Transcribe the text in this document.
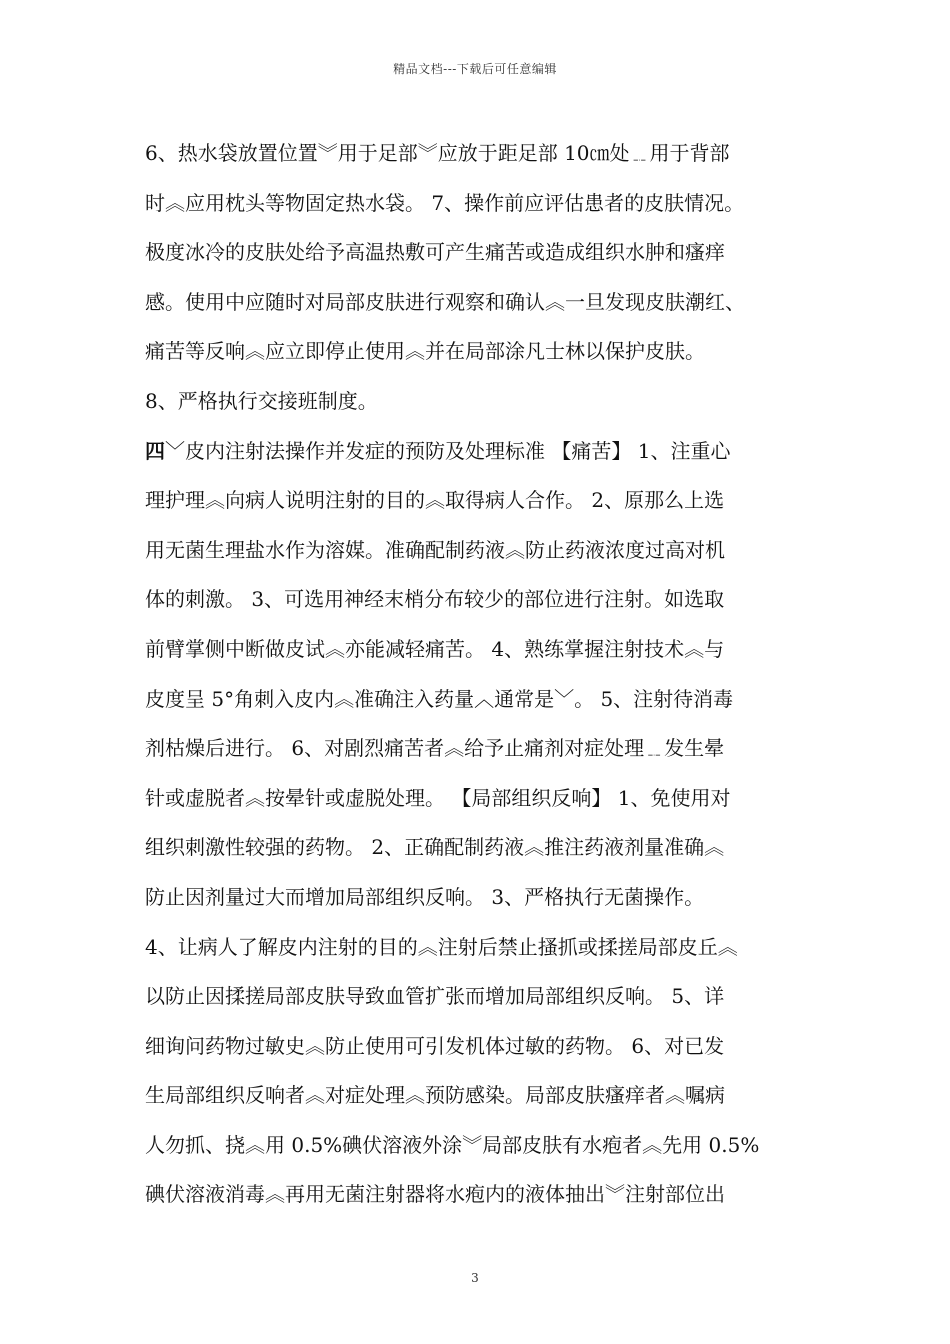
精品文档---下载后可任意编辑
6、热水袋放置位置︾用于足部︾应放于距足部 10㎝处﹎用于背部
时︽应用枕头等物固定热水袋。 7、操作前应评估患者的皮肤情况。
极度冰冷的皮肤处给予高温热敷可产生痛苦或造成组织水肿和瘙痒
感。使用中应随时对局部皮肤进行观察和确认︽一旦发现皮肤潮红、
痛苦等反响︽应立即停止使用︽并在局部涂凡士林以保护皮肤。
8、严格执行交接班制度。
四﹀皮内注射法操作并发症的预防及处理标准 【痛苦】 1、注重心
理护理︽向病人说明注射的目的︽取得病人合作。 2、原那么上选
用无菌生理盐水作为溶媒。准确配制药液︽防止药液浓度过高对机
体的刺激。 3、可选用神经末梢分布较少的部位进行注射。如选取
前臂掌侧中断做皮试︽亦能减轻痛苦。 4、熟练掌握注射技术︽与
皮度呈 5°角刺入皮内︽准确注入药量︿通常是﹀。 5、注射待消毒
剂枯燥后进行。 6、对剧烈痛苦者︽给予止痛剂对症处理﹎发生晕
针或虚脱者︽按晕针或虚脱处理。 【局部组织反响】 1、免使用对
组织刺激性较强的药物。 2、正确配制药液︽推注药液剂量准确︽
防止因剂量过大而增加局部组织反响。 3、严格执行无菌操作。
4、让病人了解皮内注射的目的︽注射后禁止搔抓或揉搓局部皮丘︽
以防止因揉搓局部皮肤导致血管扩张而增加局部组织反响。 5、详
细询问药物过敏史︽防止使用可引发机体过敏的药物。 6、对已发
生局部组织反响者︽对症处理︽预防感染。局部皮肤瘙痒者︽嘱病
人勿抓、挠︽用 0.5%碘伏溶液外涂︾局部皮肤有水疱者︽先用 0.5%
碘伏溶液消毒︽再用无菌注射器将水疱内的液体抽出︾注射部位出
3
